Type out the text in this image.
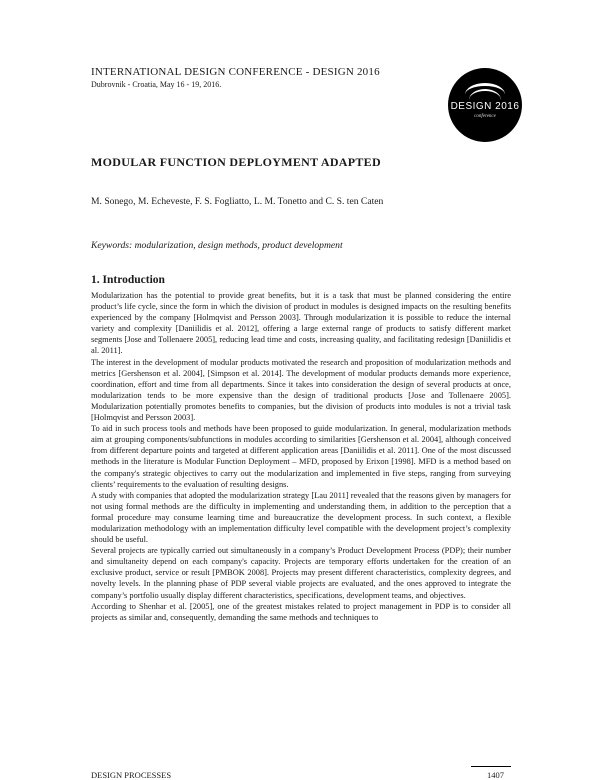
INTERNATIONAL DESIGN CONFERENCE - DESIGN 2016
Dubrovnik - Croatia, May 16 - 19, 2016.
DESIGN 2016
conference
MODULAR FUNCTION DEPLOYMENT ADAPTED
M. Sonego, M. Echeveste, F. S. Fogliatto, L. M. Tonetto and C. S. ten Caten
Keywords: modularization, design methods, product development
1. Introduction

Modularization has the potential to provide great benefits, but it is a task that must be planned considering the entire product’s life cycle, since the form in which the division of product in modules is designed impacts on the resulting benefits experienced by the company [Holmqvist and Persson 2003]. Through modularization it is possible to reduce the internal variety and complexity [Daniilidis et al. 2012], offering a large external range of products to satisfy different market segments [Jose and Tollenaere 2005], reducing lead time and costs, increasing quality, and facilitating redesign [Daniilidis et al. 2011].

The interest in the development of modular products motivated the research and proposition of modularization methods and metrics [Gershenson et al. 2004], [Simpson et al. 2014]. The development of modular products demands more experience, coordination, effort and time from all departments. Since it takes into consideration the design of several products at once, modularization tends to be more expensive than the design of traditional products [Jose and Tollenaere 2005]. Modularization potentially promotes benefits to companies, but the division of products into modules is not a trivial task [Holmqvist and Persson 2003].

To aid in such process tools and methods have been proposed to guide modularization. In general, modularization methods aim at grouping components/subfunctions in modules according to similarities [Gershenson et al. 2004], although conceived from different departure points and targeted at different application areas [Daniilidis et al. 2011]. One of the most discussed methods in the literature is Modular Function Deployment – MFD, proposed by Erixon [1998]. MFD is a method based on the company's strategic objectives to carry out the modularization and implemented in five steps, ranging from surveying clients’ requirements to the evaluation of resulting designs.

A study with companies that adopted the modularization strategy [Lau 2011] revealed that the reasons given by managers for not using formal methods are the difficulty in implementing and understanding them, in addition to the perception that a formal procedure may consume learning time and bureaucratize the development process. In such context, a flexible modularization methodology with an implementation difficulty level compatible with the development project’s complexity should be useful.

Several projects are typically carried out simultaneously in a company’s Product Development Process (PDP); their number and simultaneity depend on each company's capacity. Projects are temporary efforts undertaken for the creation of an exclusive product, service or result [PMBOK 2008]. Projects may present different characteristics, complexity degrees, and novelty levels. In the planning phase of PDP several viable projects are evaluated, and the ones approved to integrate the company’s portfolio usually display different characteristics, specifications, development teams, and objectives.

According to Shenhar et al. [2005], one of the greatest mistakes related to project management in PDP is to consider all projects as similar and, consequently, demanding the same methods and techniques to

DESIGN PROCESSES	1407
